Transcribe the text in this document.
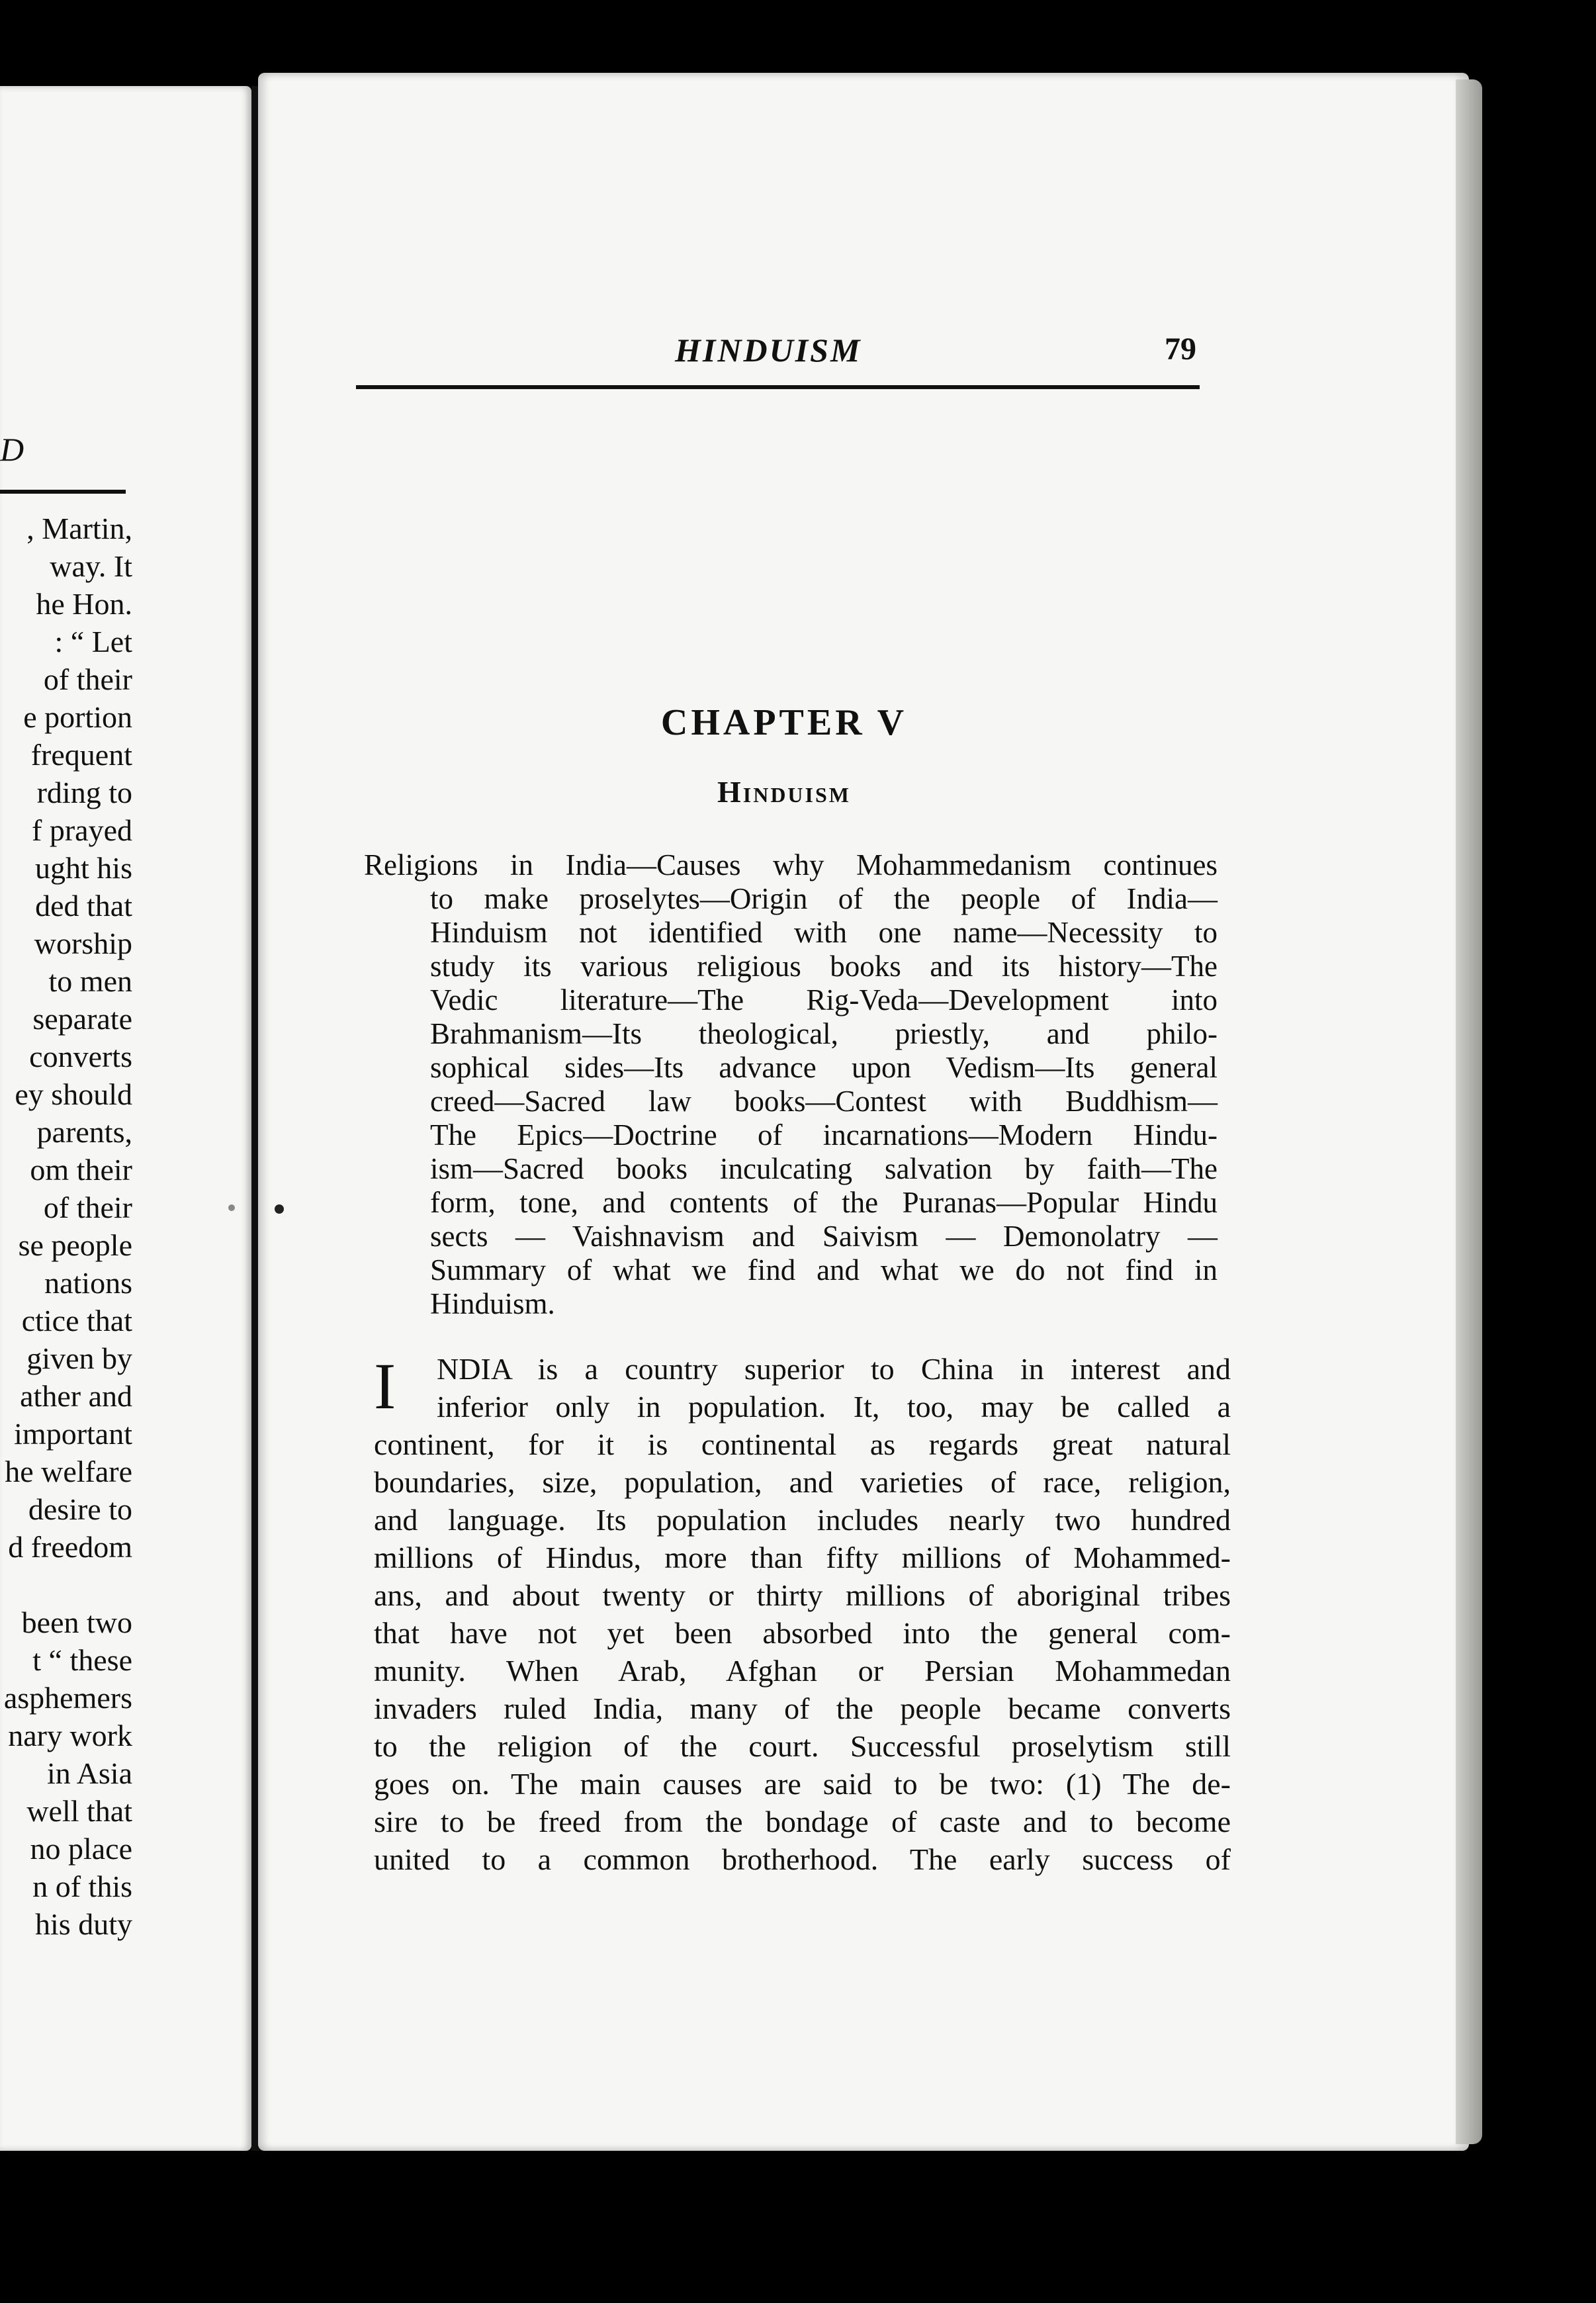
D
, Martin,
way. It
he Hon.
: “ Let
of their
e portion
frequent
rding to
f prayed
ught his
ded that
worship
to men
separate
converts
ey should
parents,
om their
of their
se people
nations
ctice that
given by
ather and
important
he welfare
desire to
d freedom

been two
t “ these
asphemers
nary work
in Asia
well that
no place
n of this
his duty
HINDUISM	79
CHAPTER V
Hinduism
Religions in India—Causes why Mohammedanism continues
to make proselytes—Origin of the people of India—
Hinduism not identified with one name—Necessity to
study its various religious books and its history—The
Vedic literature—The Rig-Veda—Development into
Brahmanism—Its theological, priestly, and philo-
sophical sides—Its advance upon Vedism—Its general
creed—Sacred law books—Contest with Buddhism—
The Epics—Doctrine of incarnations—Modern Hindu-
ism—Sacred books inculcating salvation by faith—The
form, tone, and contents of the Puranas—Popular Hindu
sects — Vaishnavism and Saivism — Demonolatry —
Summary of what we find and what we do not find in
Hinduism.
I	NDIA is a country superior to China in interest and
inferior only in population. It, too, may be called a
continent, for it is continental as regards great natural
boundaries, size, population, and varieties of race, religion,
and language. Its population includes nearly two hundred
millions of Hindus, more than fifty millions of Mohammed-
ans, and about twenty or thirty millions of aboriginal tribes
that have not yet been absorbed into the general com-
munity. When Arab, Afghan or Persian Mohammedan
invaders ruled India, many of the people became converts
to the religion of the court. Successful proselytism still
goes on. The main causes are said to be two: (1) The de-
sire to be freed from the bondage of caste and to become
united to a common brotherhood. The early success of
